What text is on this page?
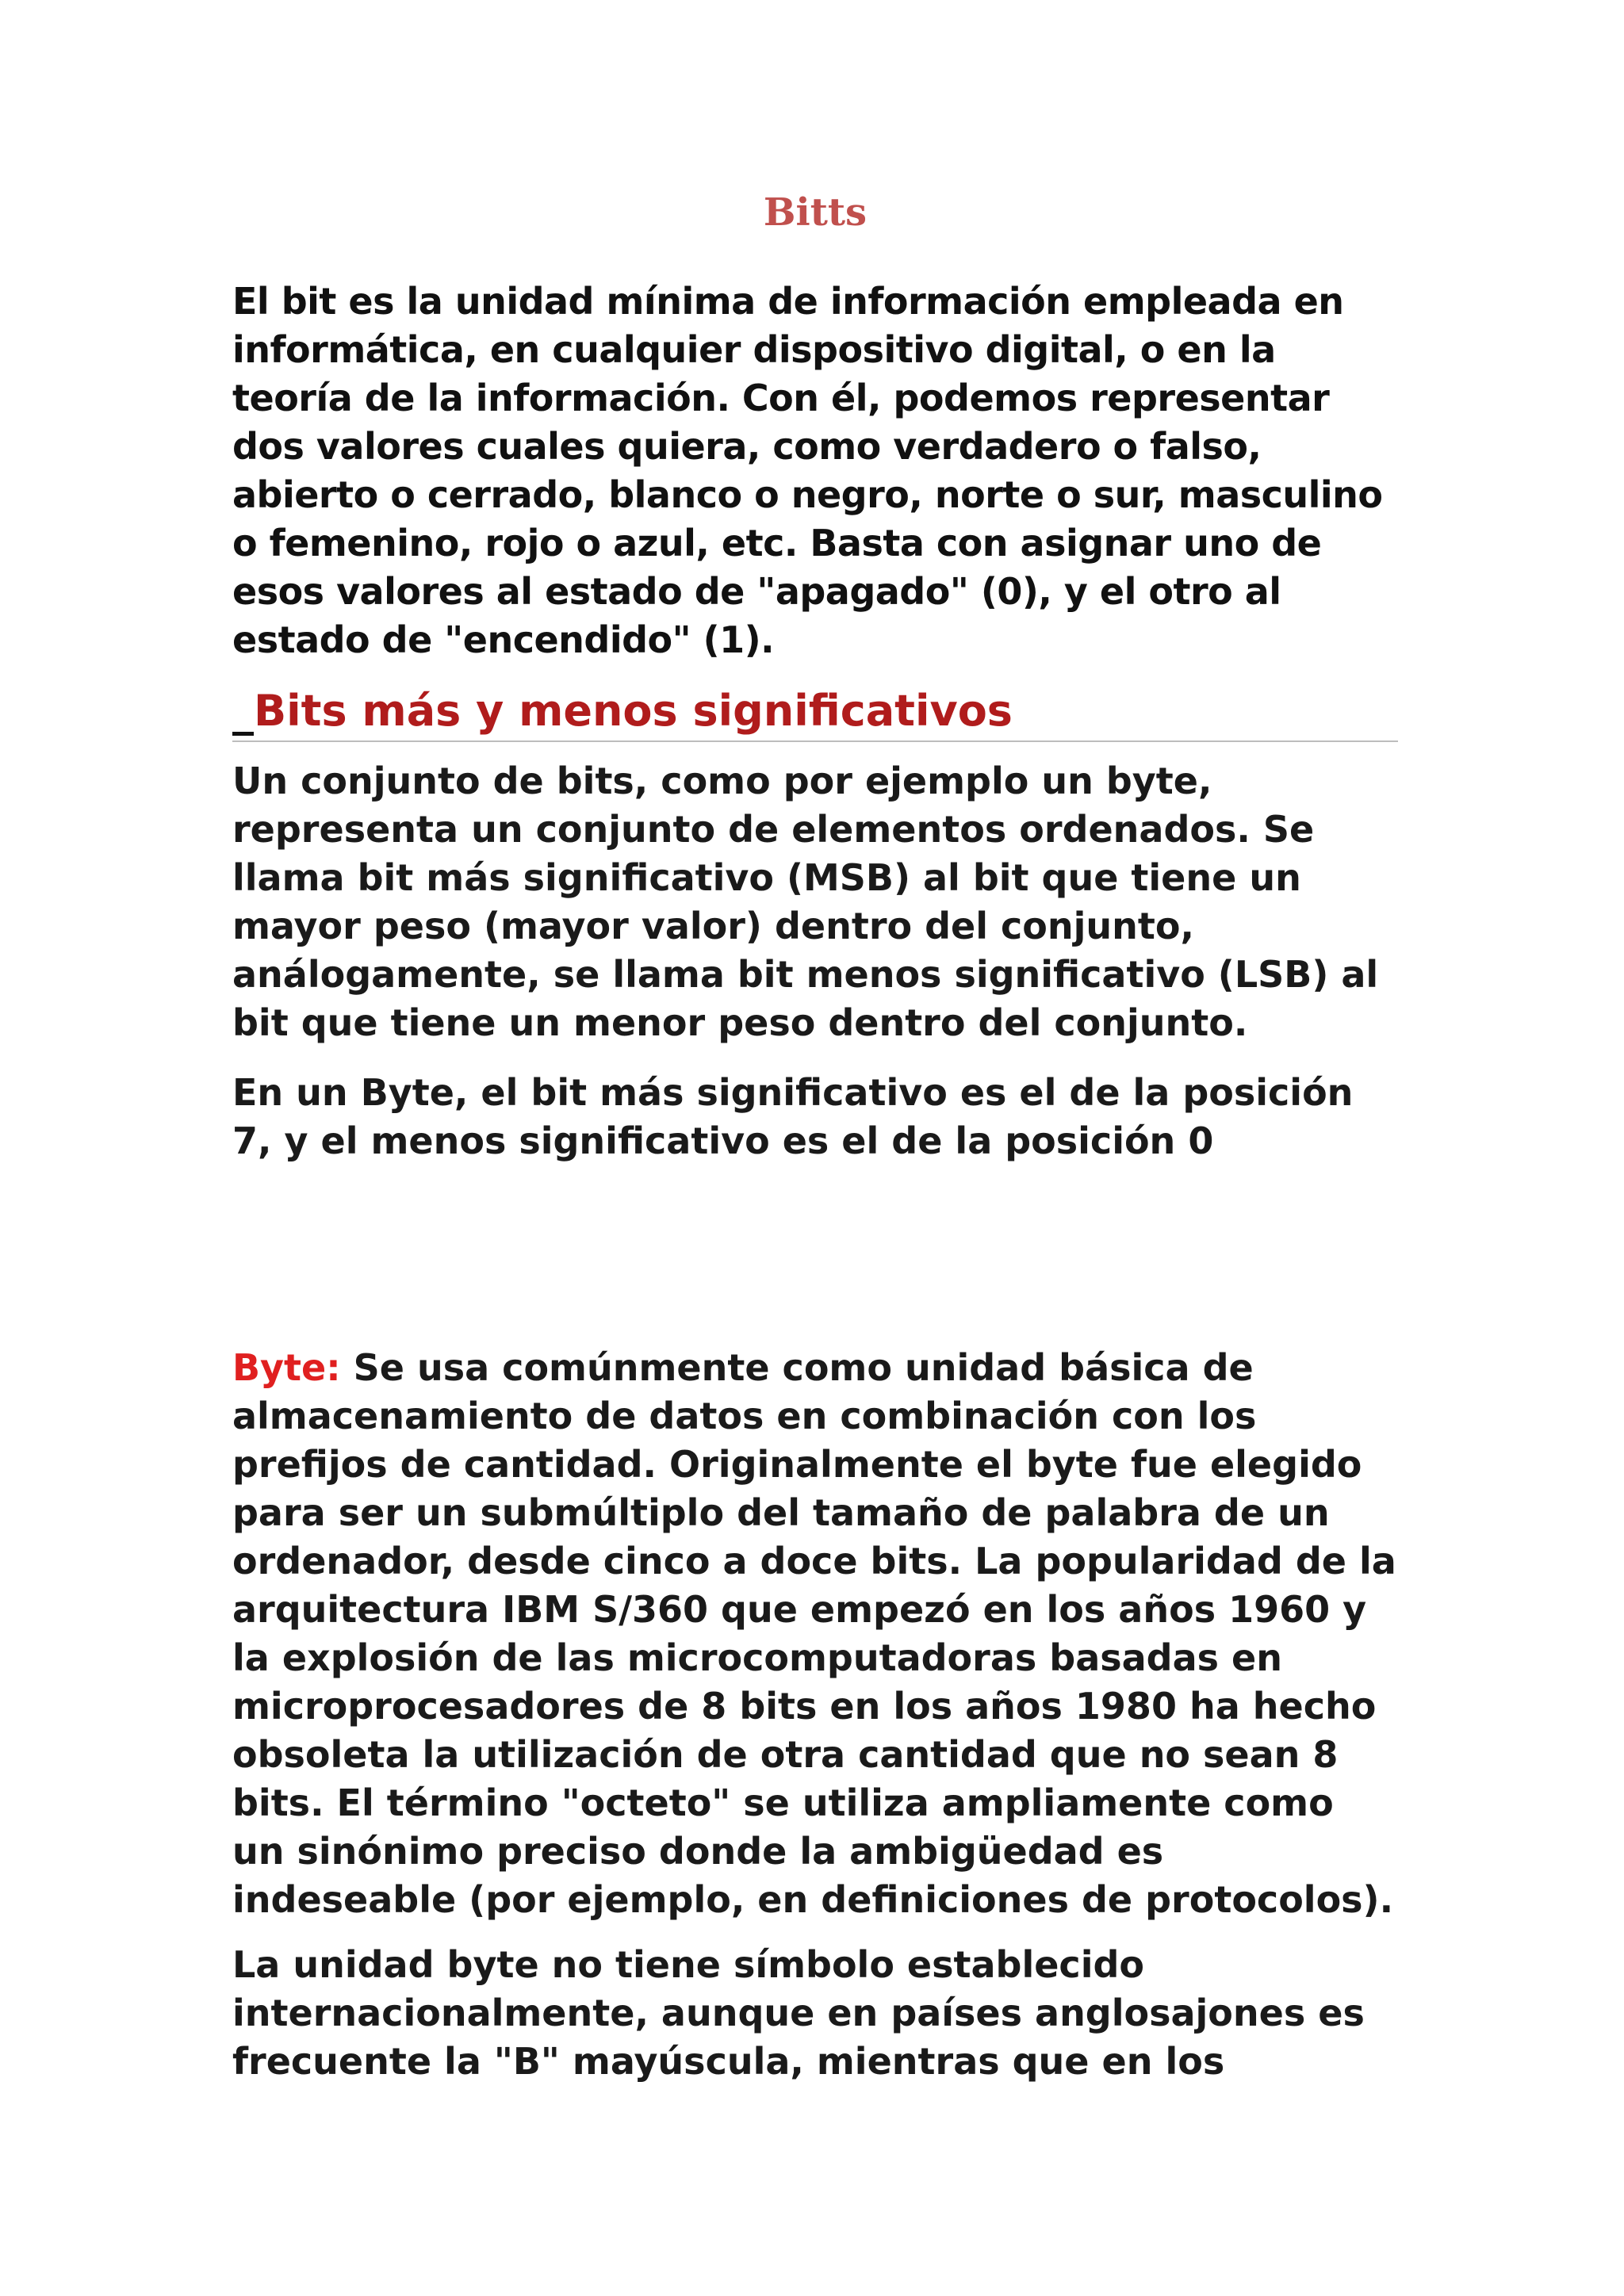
Bitts

El bit es la unidad mínima de información empleada en informática, en cualquier dispositivo digital, o en la teoría de la información. Con él, podemos representar dos valores cuales quiera, como verdadero o falso, abierto o cerrado, blanco o negro, norte o sur, masculino o femenino, rojo o azul, etc. Basta con asignar uno de esos valores al estado de "apagado" (0), y el otro al estado de "encendido" (1).

_Bits más y menos significativos

Un conjunto de bits, como por ejemplo un byte, representa un conjunto de elementos ordenados. Se llama bit más significativo (MSB) al bit que tiene un mayor peso (mayor valor) dentro del conjunto, análogamente, se llama bit menos significativo (LSB) al bit que tiene un menor peso dentro del conjunto.

En un Byte, el bit más significativo es el de la posición 7, y el menos significativo es el de la posición 0

Byte: Se usa comúnmente como unidad básica de almacenamiento de datos en combinación con los prefijos de cantidad. Originalmente el byte fue elegido para ser un submúltiplo del tamaño de palabra de un ordenador, desde cinco a doce bits. La popularidad de la arquitectura IBM S/360 que empezó en los años 1960 y la explosión de las microcomputadoras basadas en microprocesadores de 8 bits en los años 1980 ha hecho obsoleta la utilización de otra cantidad que no sean 8 bits. El término "octeto" se utiliza ampliamente como un sinónimo preciso donde la ambigüedad es indeseable (por ejemplo, en definiciones de protocolos).

La unidad byte no tiene símbolo establecido internacionalmente, aunque en países anglosajones es frecuente la "B" mayúscula, mientras que en los
